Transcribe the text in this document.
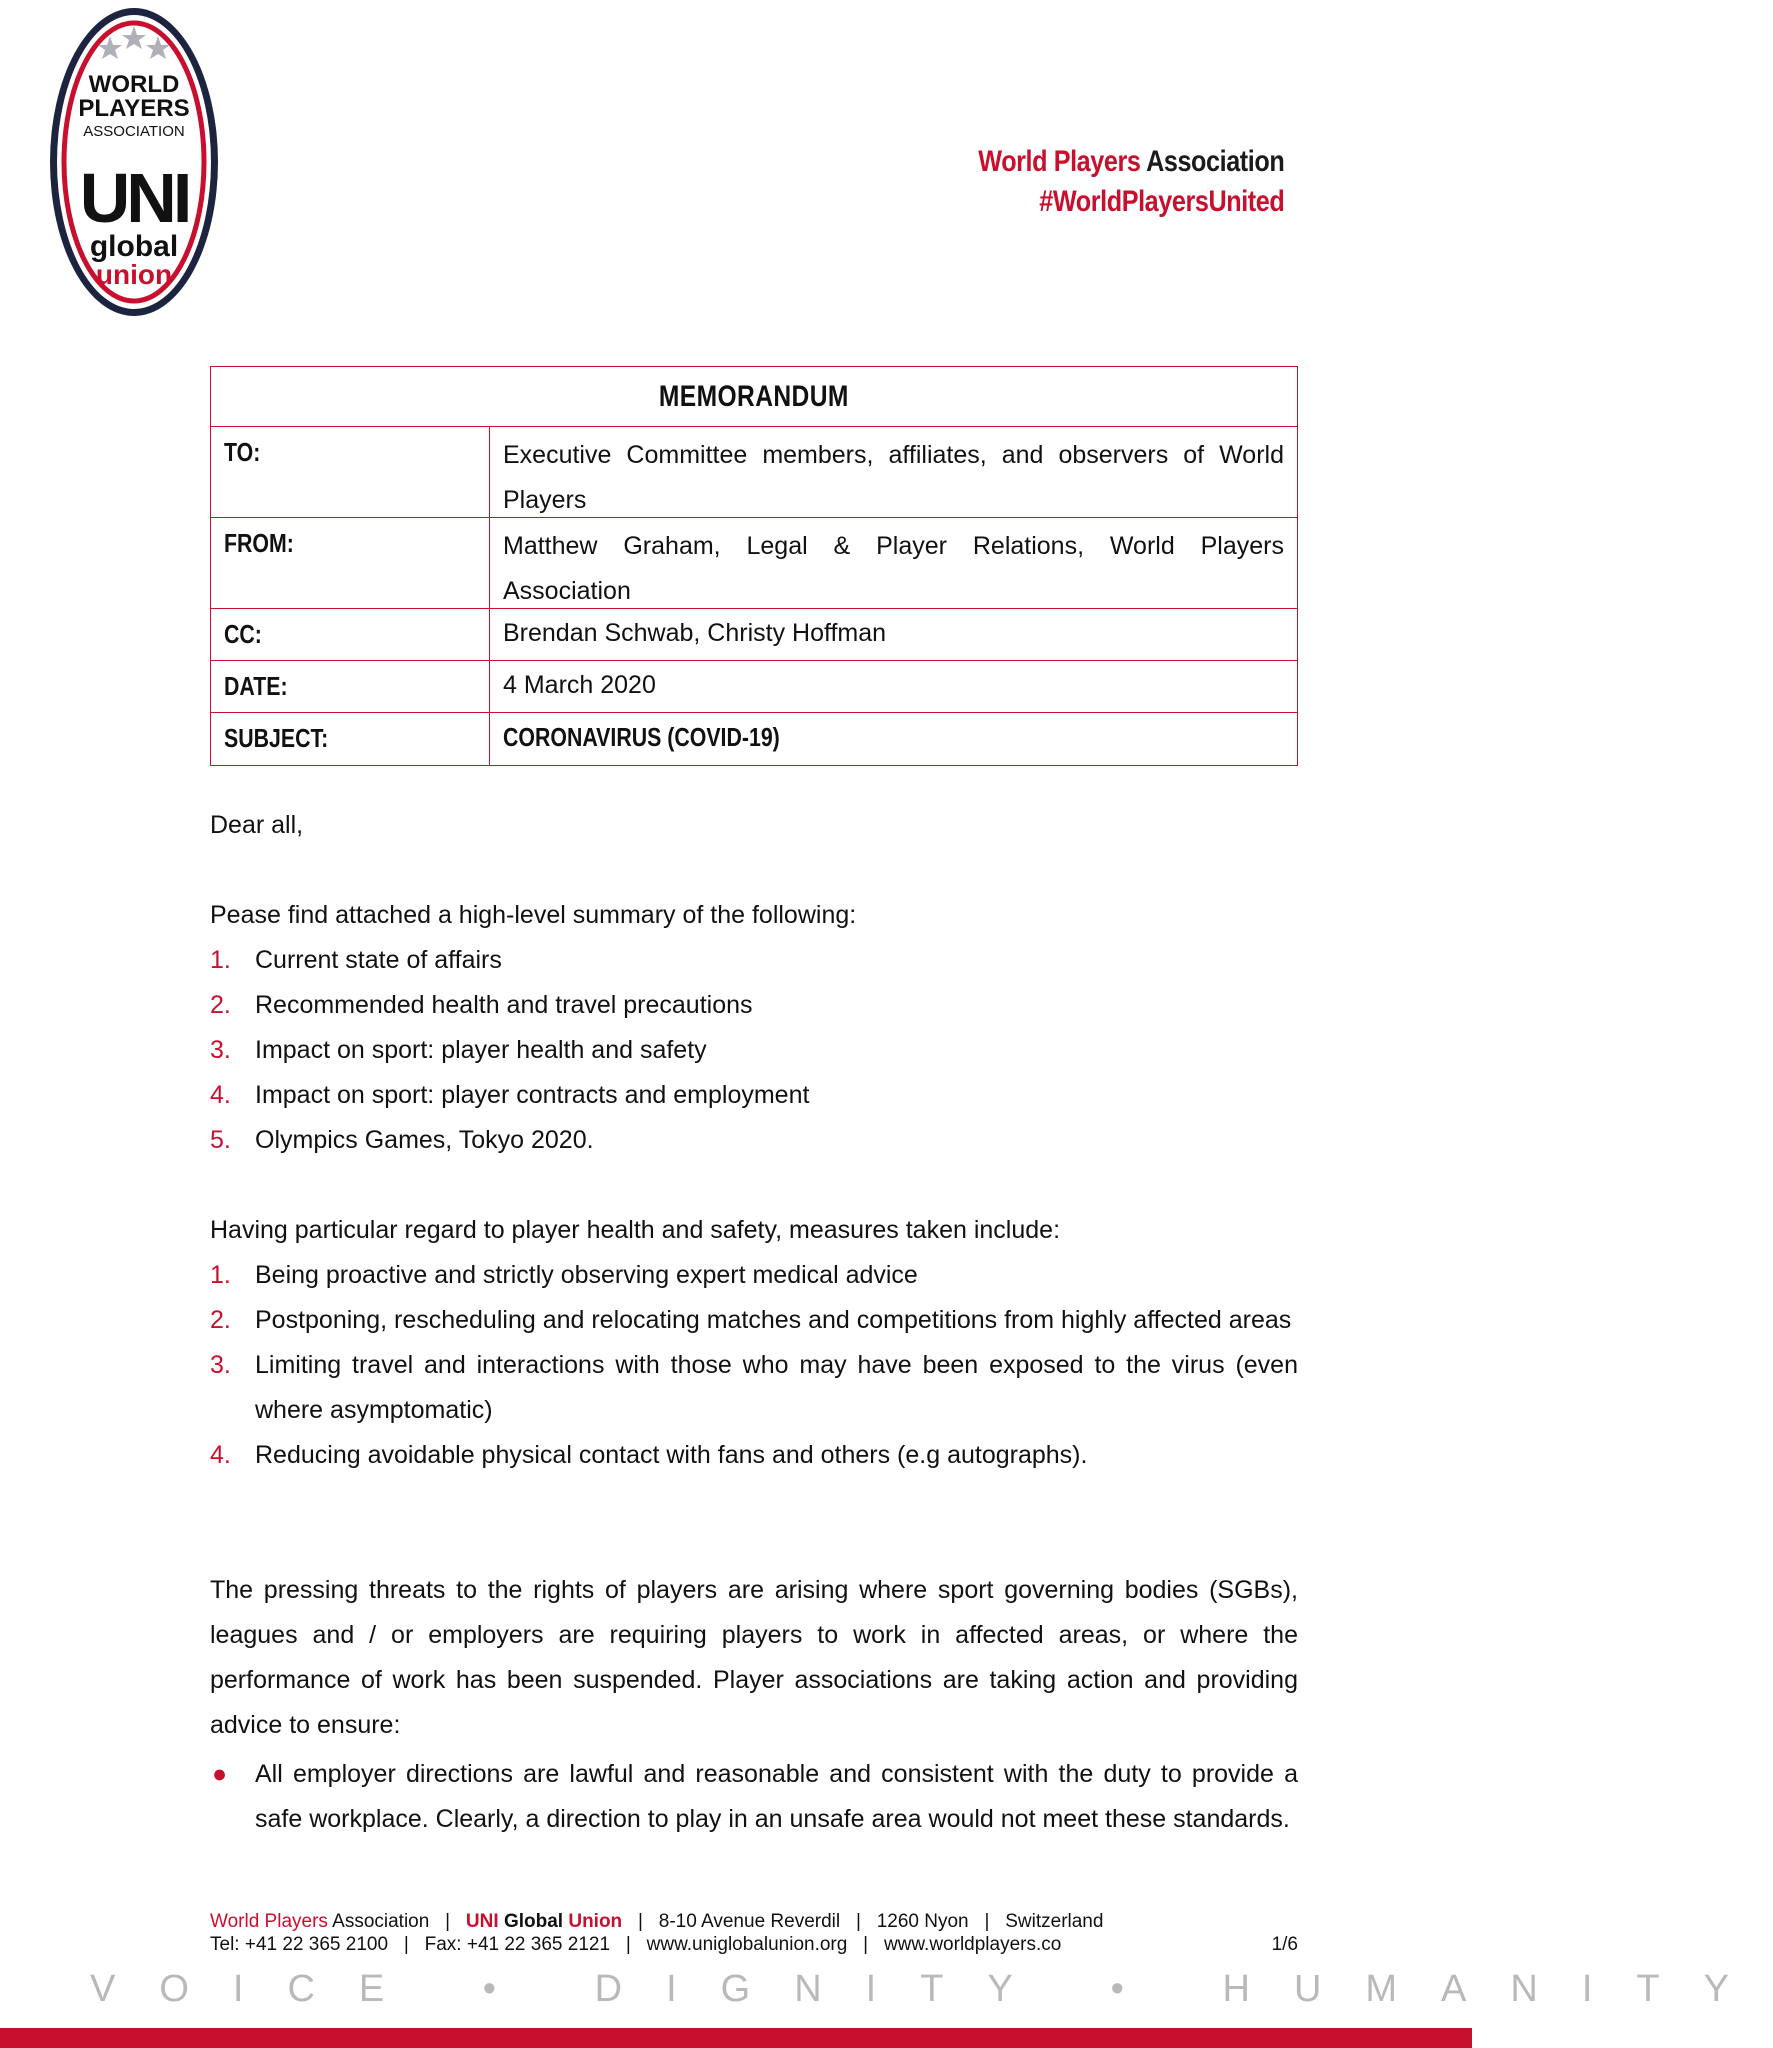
WORLD
PLAYERS
ASSOCIATION
UNI
global
union
World Players Association
#WorldPlayersUnited
MEMORANDUM
TO:	Executive Committee members, affiliates, and observers of World Players
FROM:	Matthew Graham, Legal & Player Relations, World Players Association
CC:	Brendan Schwab, Christy Hoffman
DATE:	4 March 2020
SUBJECT:	CORONAVIRUS (COVID-19)
Dear all,
Pease find attached a high-level summary of the following:
1. Current state of affairs
2. Recommended health and travel precautions
3. Impact on sport: player health and safety
4. Impact on sport: player contracts and employment
5. Olympics Games, Tokyo 2020.
Having particular regard to player health and safety, measures taken include:
1. Being proactive and strictly observing expert medical advice
2. Postponing, rescheduling and relocating matches and competitions from highly affected areas
3. Limiting travel and interactions with those who may have been exposed to the virus (even where asymptomatic)
4. Reducing avoidable physical contact with fans and others (e.g autographs).
The pressing threats to the rights of players are arising where sport governing bodies (SGBs), leagues and / or employers are requiring players to work in affected areas, or where the performance of work has been suspended. Player associations are taking action and providing advice to ensure:
● All employer directions are lawful and reasonable and consistent with the duty to provide a safe workplace. Clearly, a direction to play in an unsafe area would not meet these standards.
World Players Association   |   UNI Global Union   |   8-10 Avenue Reverdil   |   1260 Nyon   |   Switzerland
Tel: +41 22 365 2100   |   Fax: +41 22 365 2121   |   www.uniglobalunion.org   |   www.worldplayers.co	1/6
VOICE • DIGNITY • HUMANITY
